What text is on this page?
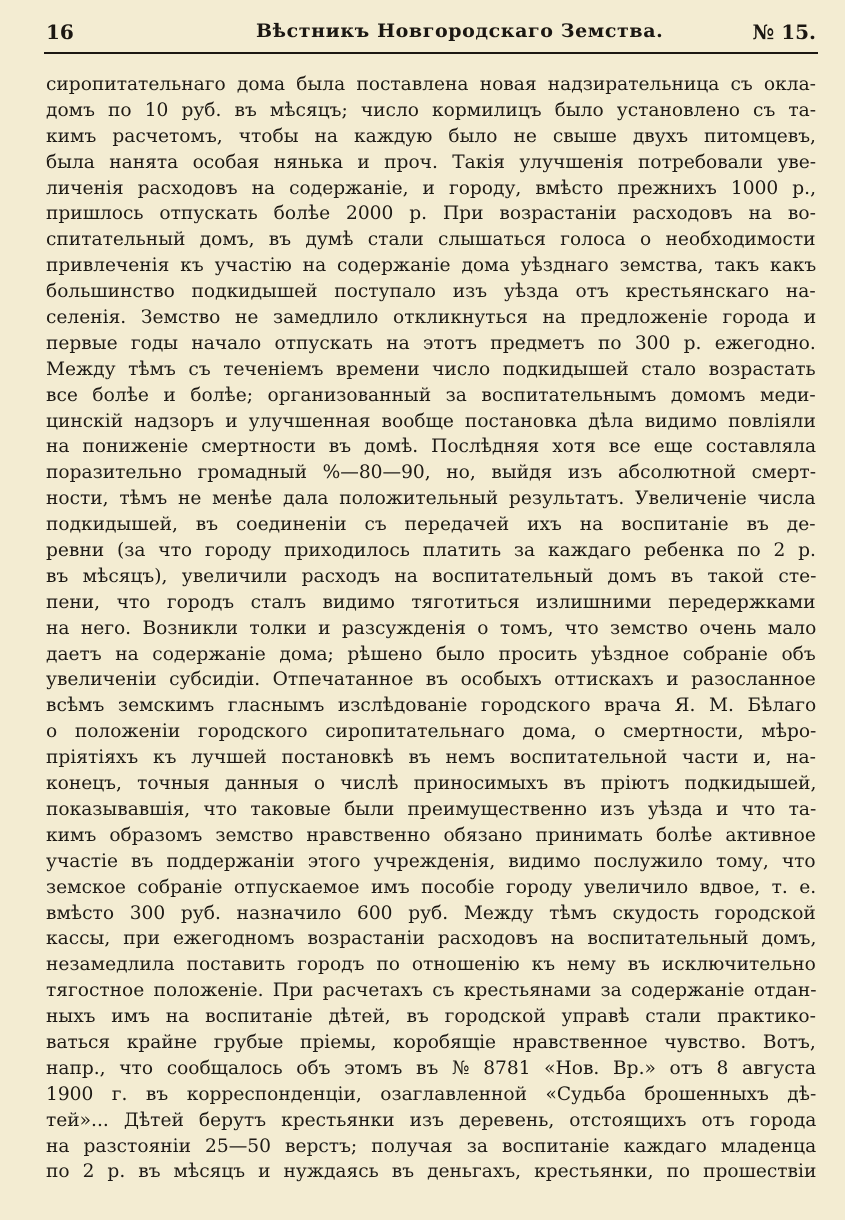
16	Вѣстникъ Новгородскаго Земства.	№ 15.
сиропитательнаго дома была поставлена новая надзирательница съ окла-
домъ по 10 руб. въ мѣсяцъ; число кормилицъ было установлено съ та-
кимъ расчетомъ, чтобы на каждую было не свыше двухъ питомцевъ,
была нанята особая нянька и проч. Такія улучшенія потребовали уве-
личенія расходовъ на содержаніе, и городу, вмѣсто прежнихъ 1000 р.,
пришлось отпускать болѣе 2000 р. При возрастаніи расходовъ на во-
спитательный домъ, въ думѣ стали слышаться голоса о необходимости
привлеченія къ участію на содержаніе дома уѣзднаго земства, такъ какъ
большинство подкидышей поступало изъ уѣзда отъ крестьянскаго на-
селенія. Земство не замедлило откликнуться на предложеніе города и
первые годы начало отпускать на этотъ предметъ по 300 р. ежегодно.
Между тѣмъ съ теченіемъ времени число подкидышей стало возрастать
все болѣе и болѣе; организованный за воспитательнымъ домомъ меди-
цинскій надзоръ и улучшенная вообще постановка дѣла видимо повліяли
на пониженіе смертности въ домѣ. Послѣдняя хотя все еще составляла
поразительно громадный %—80—90, но, выйдя изъ абсолютной смерт-
ности, тѣмъ не менѣе дала положительный результатъ. Увеличеніе числа
подкидышей, въ соединеніи съ передачей ихъ на воспитаніе въ де-
ревни (за что городу приходилось платить за каждаго ребенка по 2 р.
въ мѣсяцъ), увеличили расходъ на воспитательный домъ въ такой сте-
пени, что городъ сталъ видимо тяготиться излишними передержками
на него. Возникли толки и разсужденія о томъ, что земство очень мало
даетъ на содержаніе дома; рѣшено было просить уѣздное собраніе объ
увеличеніи субсидіи. Отпечатанное въ особыхъ оттискахъ и разосланное
всѣмъ земскимъ гласнымъ изслѣдованіе городского врача Я. М. Бѣлаго
о положеніи городского сиропитательнаго дома, о смертности, мѣро-
пріятіяхъ къ лучшей постановкѣ въ немъ воспитательной части и, на-
конецъ, точныя данныя о числѣ приносимыхъ въ пріютъ подкидышей,
показывавшія, что таковые были преимущественно изъ уѣзда и что та-
кимъ образомъ земство нравственно обязано принимать болѣе активное
участіе въ поддержаніи этого учрежденія, видимо послужило тому, что
земское собраніе отпускаемое имъ пособіе городу увеличило вдвое, т. е.
вмѣсто 300 руб. назначило 600 руб. Между тѣмъ скудость городской
кассы, при ежегодномъ возрастаніи расходовъ на воспитательный домъ,
незамедлила поставить городъ по отношенію къ нему въ исключительно
тягостное положеніе. При расчетахъ съ крестьянами за содержаніе отдан-
ныхъ имъ на воспитаніе дѣтей, въ городской управѣ стали практико-
ваться крайне грубые пріемы, коробящіе нравственное чувство. Вотъ,
напр., что сообщалось объ этомъ въ № 8781 «Нов. Вр.» отъ 8 августа
1900 г. въ корреспонденціи, озаглавленной «Судьба брошенныхъ дѣ-
тей»... Дѣтей берутъ крестьянки изъ деревень, отстоящихъ отъ города
на разстояніи 25—50 верстъ; получая за воспитаніе каждаго младенца
по 2 р. въ мѣсяцъ и нуждаясь въ деньгахъ, крестьянки, по прошествіи
